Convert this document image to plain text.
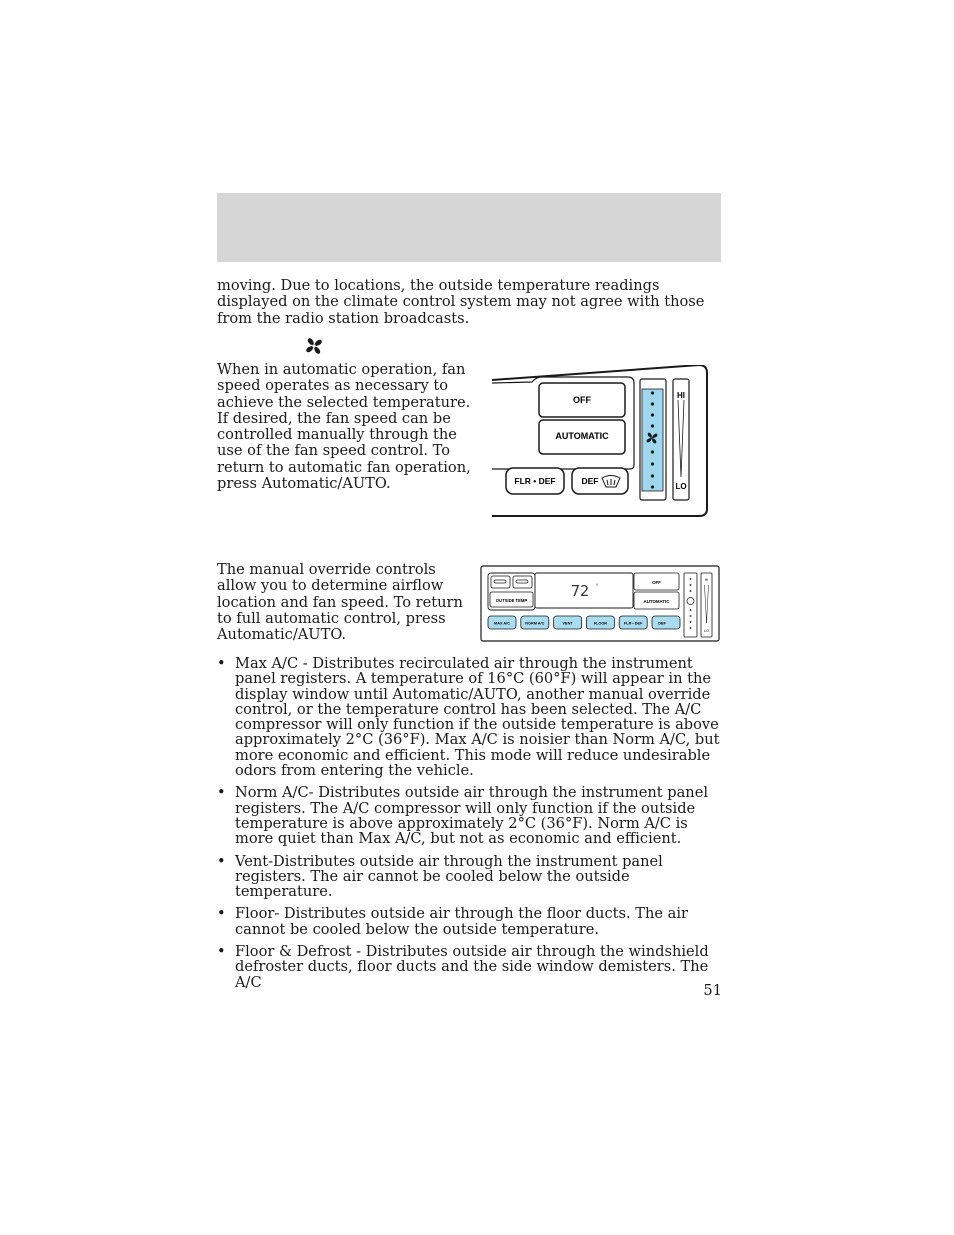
moving. Due to locations, the outside temperature readings displayed on the climate control system may not agree with those from the radio station broadcasts.
When in automatic operation, fan speed operates as necessary to achieve the selected temperature. If desired, the fan speed can be controlled manually through the use of the fan speed control. To return to automatic fan operation, press Automatic/AUTO.
OFF
AUTOMATIC
FLR • DEF	DEF
HI
LO
The manual override controls allow you to determine airflow location and fan speed. To return to full automatic control, press Automatic/AUTO.
OUTSIDE TEMP
72 °
OFF
AUTOMATIC
HI
LO
MAX A/C	NORM A/C	VENT	FLOOR	FLR • DEF	DEF
• Max A/C - Distributes recirculated air through the instrument panel registers. A temperature of 16°C (60°F) will appear in the display window until Automatic/AUTO, another manual override control, or the temperature control has been selected. The A/C compressor will only function if the outside temperature is above approximately 2°C (36°F). Max A/C is noisier than Norm A/C, but more economic and efficient. This mode will reduce undesirable odors from entering the vehicle.
• Norm A/C- Distributes outside air through the instrument panel registers. The A/C compressor will only function if the outside temperature is above approximately 2°C (36°F). Norm A/C is more quiet than Max A/C, but not as economic and efficient.
• Vent-Distributes outside air through the instrument panel registers. The air cannot be cooled below the outside temperature.
• Floor- Distributes outside air through the floor ducts. The air cannot be cooled below the outside temperature.
• Floor & Defrost - Distributes outside air through the windshield defroster ducts, floor ducts and the side window demisters. The A/C	51
